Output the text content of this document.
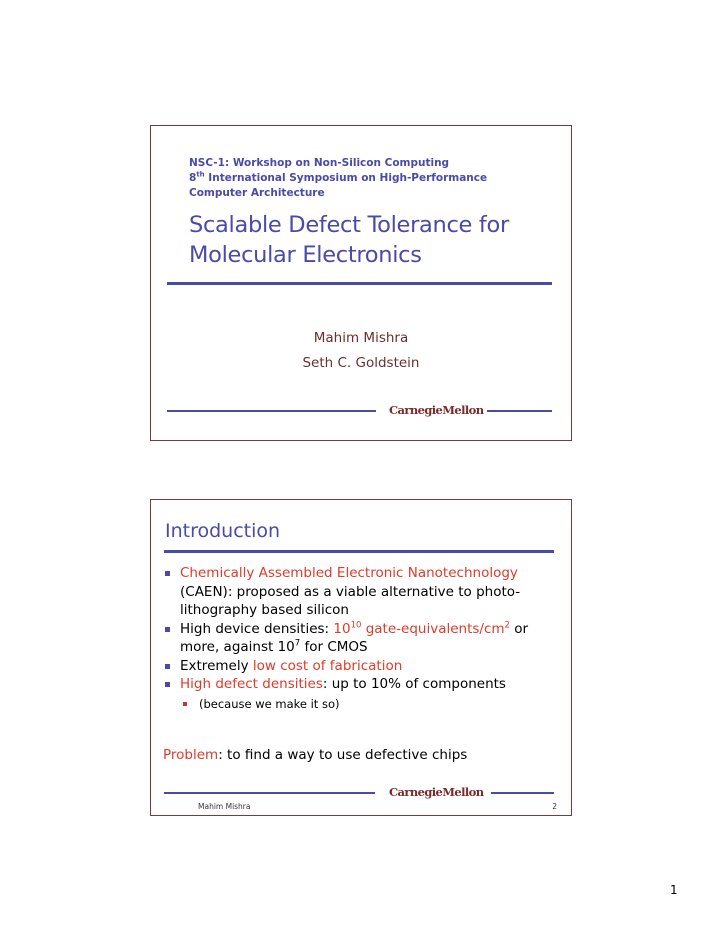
NSC-1: Workshop on Non-Silicon Computing
8th International Symposium on High-Performance
Computer Architecture
Scalable Defect Tolerance for
Molecular Electronics
Mahim Mishra
Seth C. Goldstein
CarnegieMellon
Introduction
Chemically Assembled Electronic Nanotechnology (CAEN): proposed as a viable alternative to photo-lithography based silicon
High device densities: $10^{10}$ gate-$equivalents/cm^2$ or more, against $10^7$ for CMOS
Extremely low cost of fabrication
High defect densities: up to 10% of components
(because we make it so)
Problem: to find a way to use defective chips
CarnegieMellon
Mahim Mishra	2
1
